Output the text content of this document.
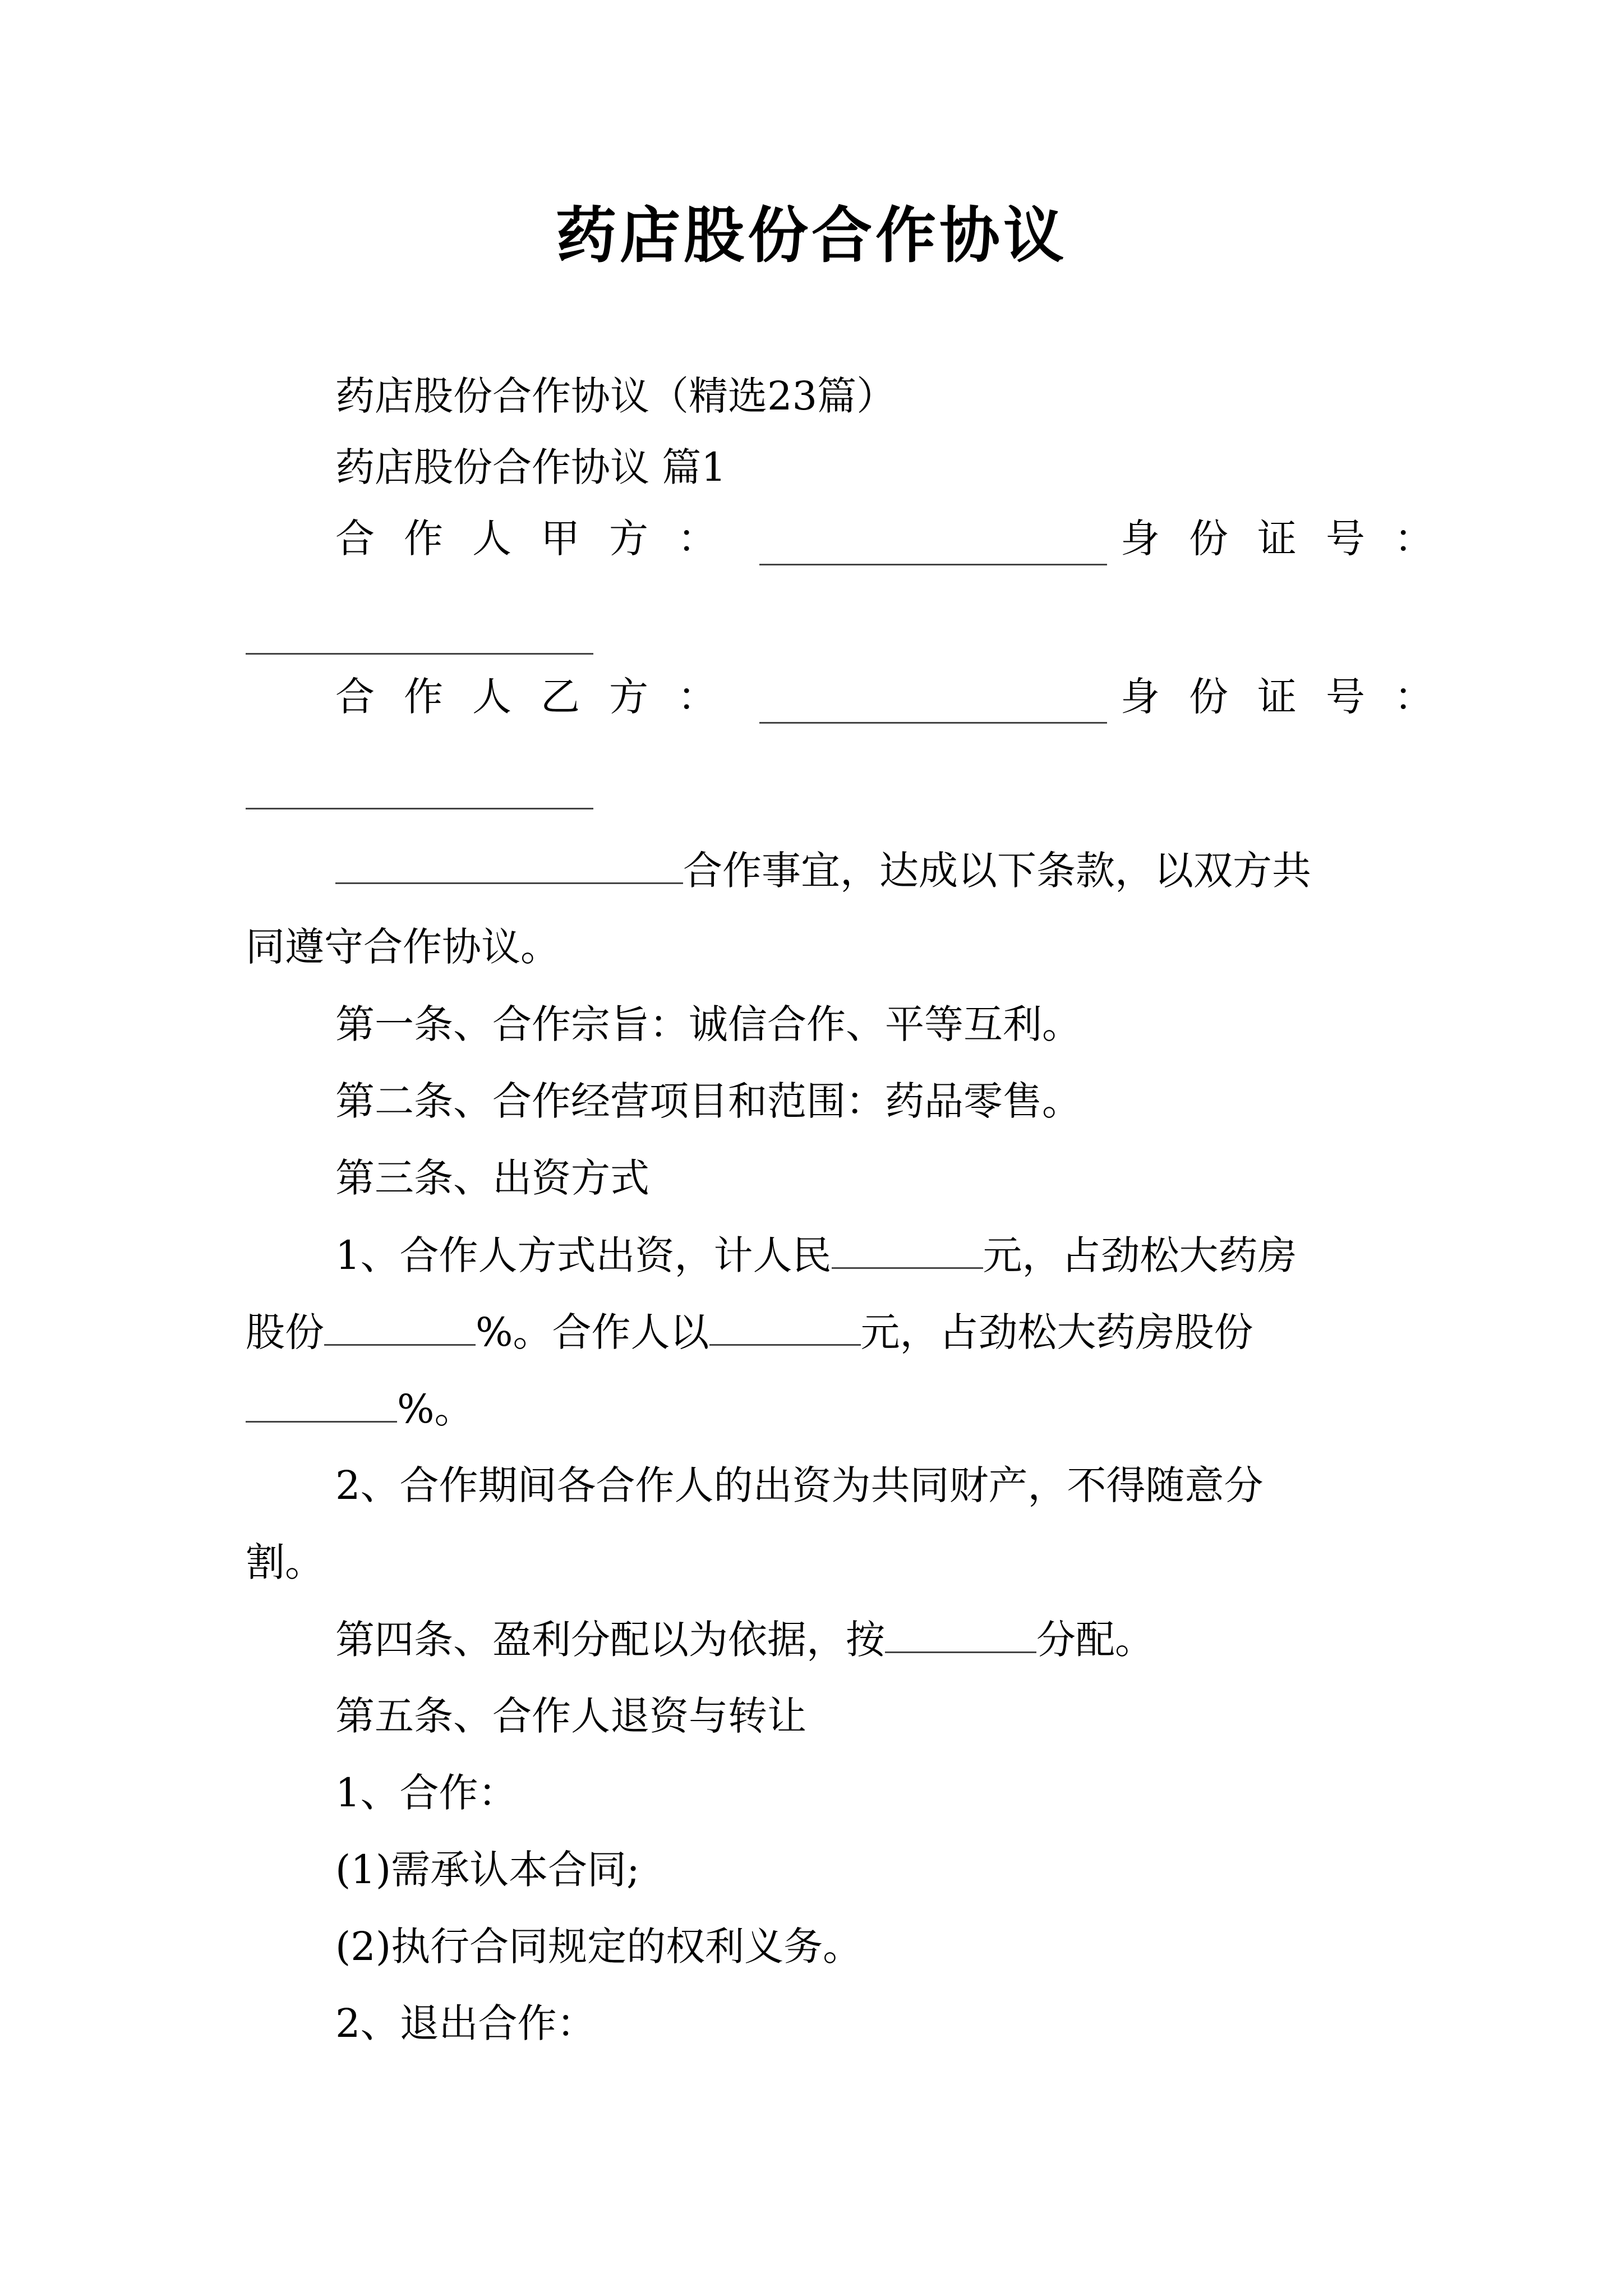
药店股份合作协议
药店股份合作协议（精选23篇）
药店股份合作协议 篇1
合作人甲方：	身份证号：
合作人乙方：	身份证号：
合作事宜，达成以下条款，以双方共
同遵守合作协议。
第一条、合作宗旨：诚信合作、平等互利。
第二条、合作经营项目和范围：药品零售。
第三条、出资方式
1、合作人方式出资，计人民	元，占劲松大药房
股份	%。合作人以	元，占劲松大药房股份
%。
2、合作期间各合作人的出资为共同财产，不得随意分
割。
第四条、盈利分配以为依据，按	分配。
第五条、合作人退资与转让
1、合作：
(1)需承认本合同;
(2)执行合同规定的权利义务。
2、退出合作：
